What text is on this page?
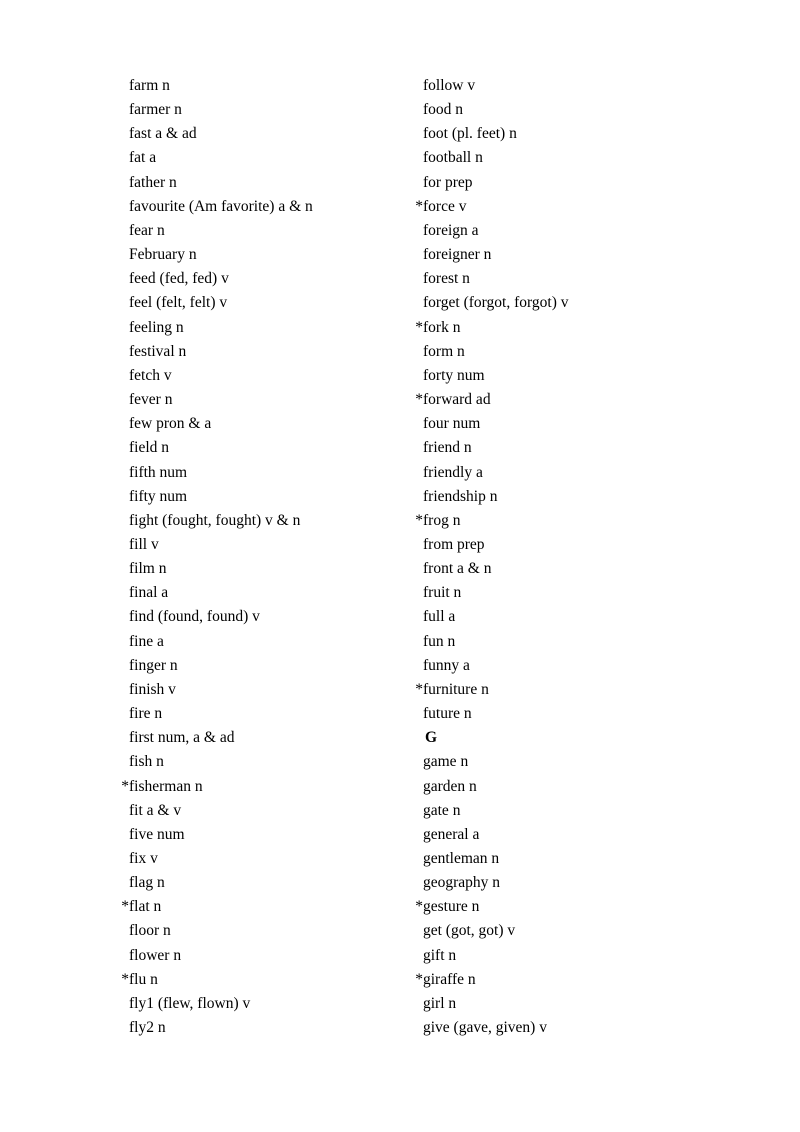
farm n
farmer n
fast a & ad
fat a
father n
favourite (Am favorite) a & n
fear n
February n
feed (fed, fed) v
feel (felt, felt) v
feeling n
festival n
fetch v
fever n
few pron & a
field n
fifth num
fifty num
fight (fought, fought) v & n
fill v
film n
final a
find (found, found) v
fine a
finger n
finish v
fire n
first num, a & ad
fish n
* fisherman n
fit a & v
five num
fix v
flag n
* flat n
floor n
flower n
* flu n
fly1 (flew, flown) v
fly2 n
follow v
food n
foot (pl. feet) n
football n
for prep
* force v
foreign a
foreigner n
forest n
forget (forgot, forgot) v
* fork n
form n
forty num
* forward ad
four num
friend n
friendly a
friendship n
* frog n
from prep
front a & n
fruit n
full a
fun n
funny a
* furniture n
future n
G
game n
garden n
gate n
general a
gentleman n
geography n
* gesture n
get (got, got) v
gift n
* giraffe n
girl n
give (gave, given) v
